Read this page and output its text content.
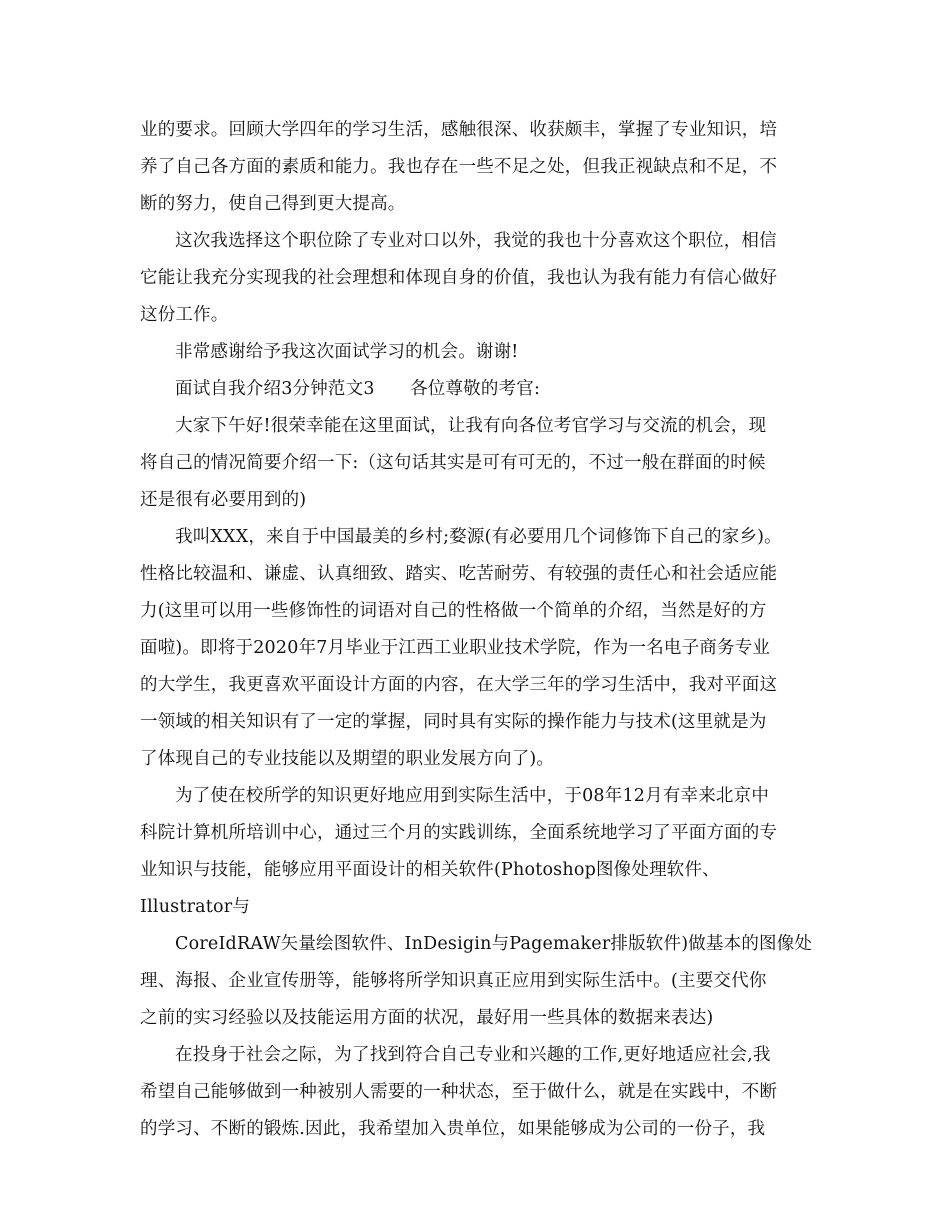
业的要求。回顾大学四年的学习生活，感触很深、收获颇丰，掌握了专业知识，培
养了自己各方面的素质和能力。我也存在一些不足之处，但我正视缺点和不足，不
断的努力，使自己得到更大提高。
这次我选择这个职位除了专业对口以外，我觉的我也十分喜欢这个职位，相信
它能让我充分实现我的社会理想和体现自身的价值，我也认为我有能力有信心做好
这份工作。
非常感谢给予我这次面试学习的机会。谢谢!
面试自我介绍3分钟范文3　　各位尊敬的考官:
大家下午好!很荣幸能在这里面试，让我有向各位考官学习与交流的机会，现
将自己的情况简要介绍一下:（这句话其实是可有可无的，不过一般在群面的时候
还是很有必要用到的)
我叫XXX，来自于中国最美的乡村;婺源(有必要用几个词修饰下自己的家乡)。
性格比较温和、谦虚、认真细致、踏实、吃苦耐劳、有较强的责任心和社会适应能
力(这里可以用一些修饰性的词语对自己的性格做一个简单的介绍，当然是好的方
面啦)。即将于2020年7月毕业于江西工业职业技术学院，作为一名电子商务专业
的大学生，我更喜欢平面设计方面的内容，在大学三年的学习生活中，我对平面这
一领域的相关知识有了一定的掌握，同时具有实际的操作能力与技术(这里就是为
了体现自己的专业技能以及期望的职业发展方向了)。
为了使在校所学的知识更好地应用到实际生活中，于08年12月有幸来北京中
科院计算机所培训中心，通过三个月的实践训练，全面系统地学习了平面方面的专
业知识与技能，能够应用平面设计的相关软件(Photoshop图像处理软件、
Illustrator与
CoreIdRAW矢量绘图软件、InDesigin与Pagemaker排版软件)做基本的图像处
理、海报、企业宣传册等，能够将所学知识真正应用到实际生活中。(主要交代你
之前的实习经验以及技能运用方面的状况，最好用一些具体的数据来表达)
在投身于社会之际，为了找到符合自己专业和兴趣的工作,更好地适应社会,我
希望自己能够做到一种被别人需要的一种状态，至于做什么，就是在实践中，不断
的学习、不断的锻炼.因此，我希望加入贵单位，如果能够成为公司的一份子，我
